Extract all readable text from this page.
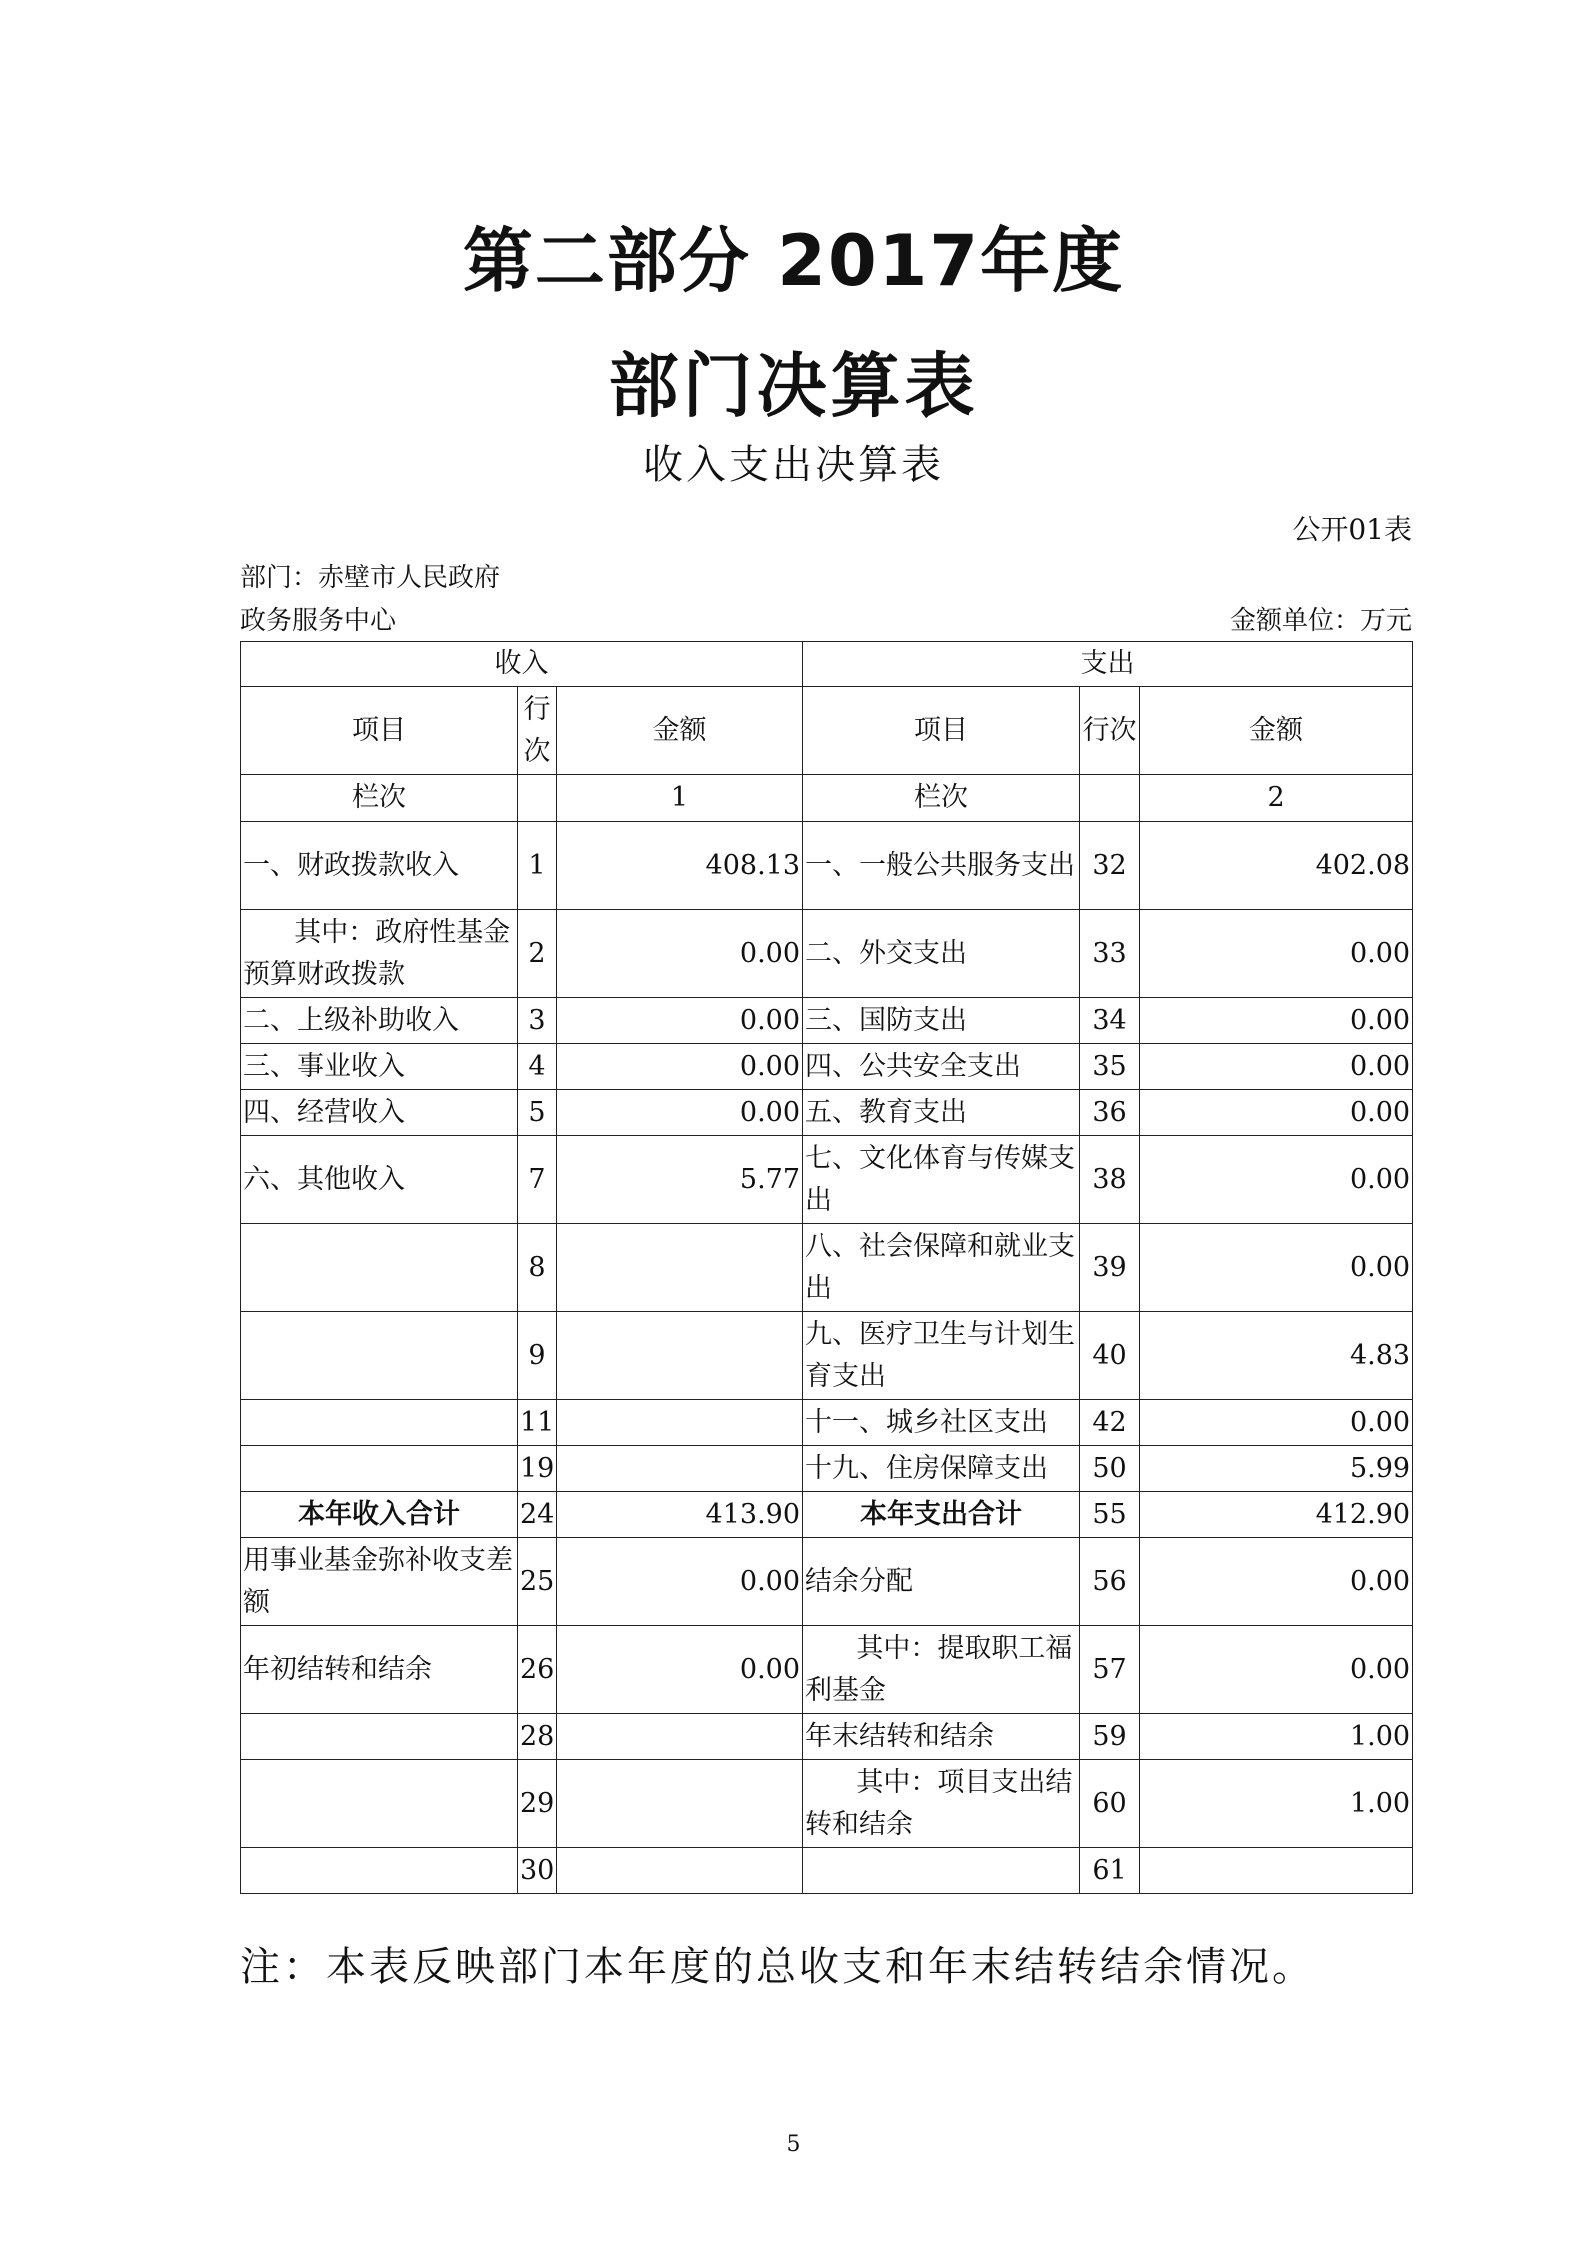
第二部分 2017年度
部门决算表
收入支出决算表
公开01表
部门：赤壁市人民政府
政务服务中心	金额单位：万元
收入			支出		
项目	行次	金额	项目	行次	金额
栏次		1	栏次		2
一、财政拨款收入	1	408.13	一、一般公共服务支出	32	402.08
其中：政府性基金预算财政拨款	2	0.00	二、外交支出	33	0.00
二、上级补助收入	3	0.00	三、国防支出	34	0.00
三、事业收入	4	0.00	四、公共安全支出	35	0.00
四、经营收入	5	0.00	五、教育支出	36	0.00
六、其他收入	7	5.77	七、文化体育与传媒支出	38	0.00
	8		八、社会保障和就业支出	39	0.00
	9		九、医疗卫生与计划生育支出	40	4.83
	11		十一、城乡社区支出	42	0.00
	19		十九、住房保障支出	50	5.99
本年收入合计	24	413.90	本年支出合计	55	412.90
用事业基金弥补收支差额	25	0.00	结余分配	56	0.00
年初结转和结余	26	0.00	其中：提取职工福利基金	57	0.00
	28		年末结转和结余	59	1.00
	29		其中：项目支出结转和结余	60	1.00
	30			61	
注：本表反映部门本年度的总收支和年末结转结余情况。
5
